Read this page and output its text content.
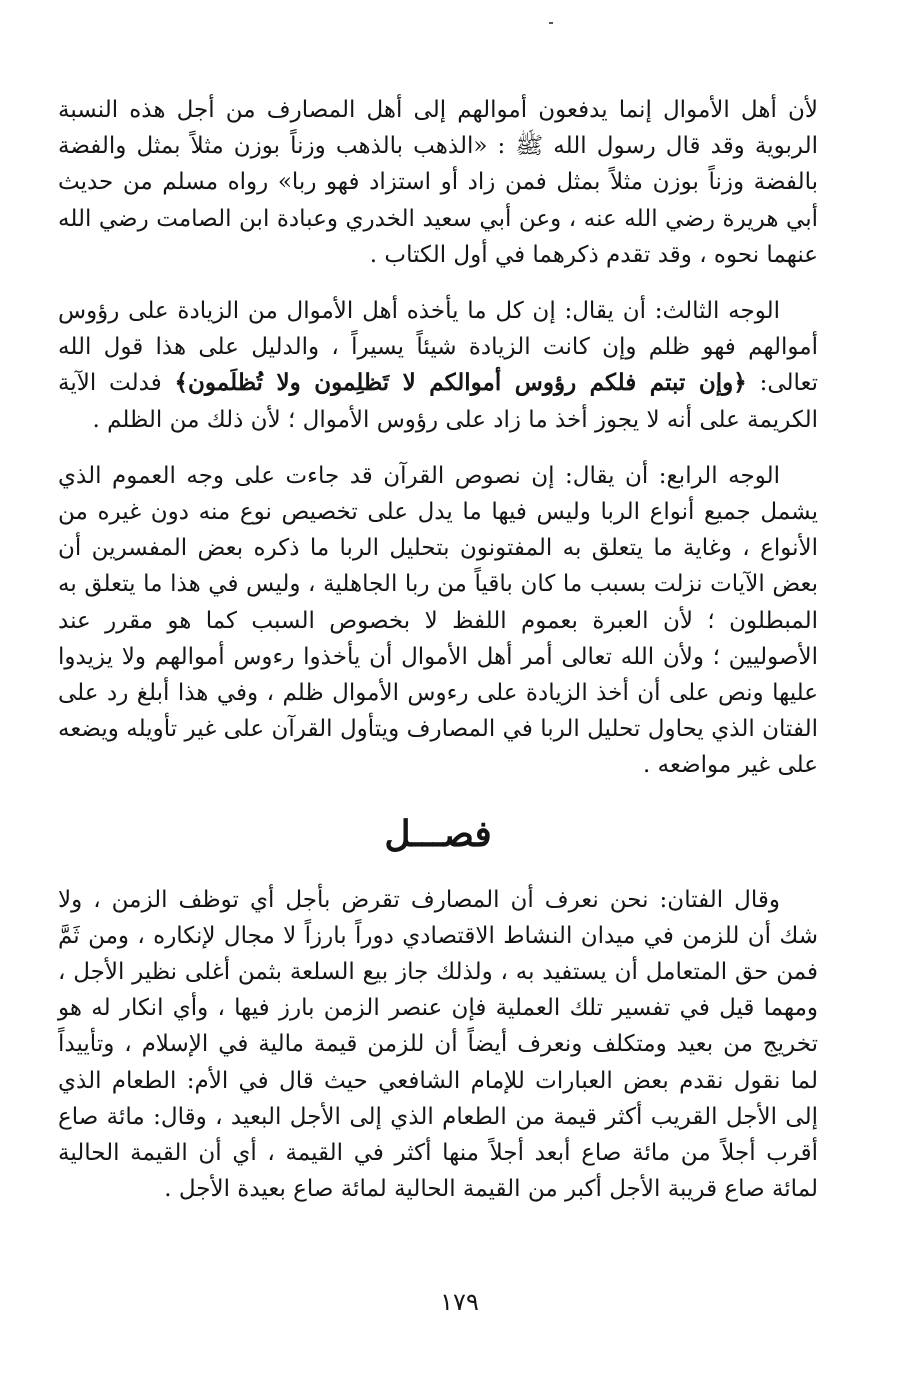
لأن أهل الأموال إنما يدفعون أموالهم إلى أهل المصارف من أجل هذه النسبة الربوية وقد قال رسول الله ﷺ : «الذهب بالذهب وزناً بوزن مثلاً بمثل والفضة بالفضة وزناً بوزن مثلاً بمثل فمن زاد أو استزاد فهو ربا» رواه مسلم من حديث أبي هريرة رضي الله عنه ، وعن أبي سعيد الخدري وعبادة ابن الصامت رضي الله عنهما نحوه ، وقد تقدم ذكرهما في أول الكتاب .

الوجه الثالث: أن يقال: إن كل ما يأخذه أهل الأموال من الزيادة على رؤوس أموالهم فهو ظلم وإن كانت الزيادة شيئاً يسيراً ، والدليل على هذا قول الله تعالى: ﴿وإن تبتم فلكم رؤوس أموالكم لا تَظلِمون ولا تُظلَمون﴾ فدلت الآية الكريمة على أنه لا يجوز أخذ ما زاد على رؤوس الأموال ؛ لأن ذلك من الظلم .

الوجه الرابع: أن يقال: إن نصوص القرآن قد جاءت على وجه العموم الذي يشمل جميع أنواع الربا وليس فيها ما يدل على تخصيص نوع منه دون غيره من الأنواع ، وغاية ما يتعلق به المفتونون بتحليل الربا ما ذكره بعض المفسرين أن بعض الآيات نزلت بسبب ما كان باقياً من ربا الجاهلية ، وليس في هذا ما يتعلق به المبطلون ؛ لأن العبرة بعموم اللفظ لا بخصوص السبب كما هو مقرر عند الأصوليين ؛ ولأن الله تعالى أمر أهل الأموال أن يأخذوا رءوس أموالهم ولا يزيدوا عليها ونص على أن أخذ الزيادة على رءوس الأموال ظلم ، وفي هذا أبلغ رد على الفتان الذي يحاول تحليل الربا في المصارف ويتأول القرآن على غير تأويله ويضعه على غير مواضعه .

فصـــل

وقال الفتان: نحن نعرف أن المصارف تقرض بأجل أي توظف الزمن ، ولا شك أن للزمن في ميدان النشاط الاقتصادي دوراً بارزاً لا مجال لإنكاره ، ومن ثَمَّ فمن حق المتعامل أن يستفيد به ، ولذلك جاز بيع السلعة بثمن أغلى نظير الأجل ، ومهما قيل في تفسير تلك العملية فإن عنصر الزمن بارز فيها ، وأي انكار له هو تخريج من بعيد ومتكلف ونعرف أيضاً أن للزمن قيمة مالية في الإسلام ، وتأييداً لما نقول نقدم بعض العبارات للإمام الشافعي حيث قال في الأم: الطعام الذي إلى الأجل القريب أكثر قيمة من الطعام الذي إلى الأجل البعيد ، وقال: مائة صاع أقرب أجلاً من مائة صاع أبعد أجلاً منها أكثر في القيمة ، أي أن القيمة الحالية لمائة صاع قريبة الأجل أكبر من القيمة الحالية لمائة صاع بعيدة الأجل .

١٧٩
